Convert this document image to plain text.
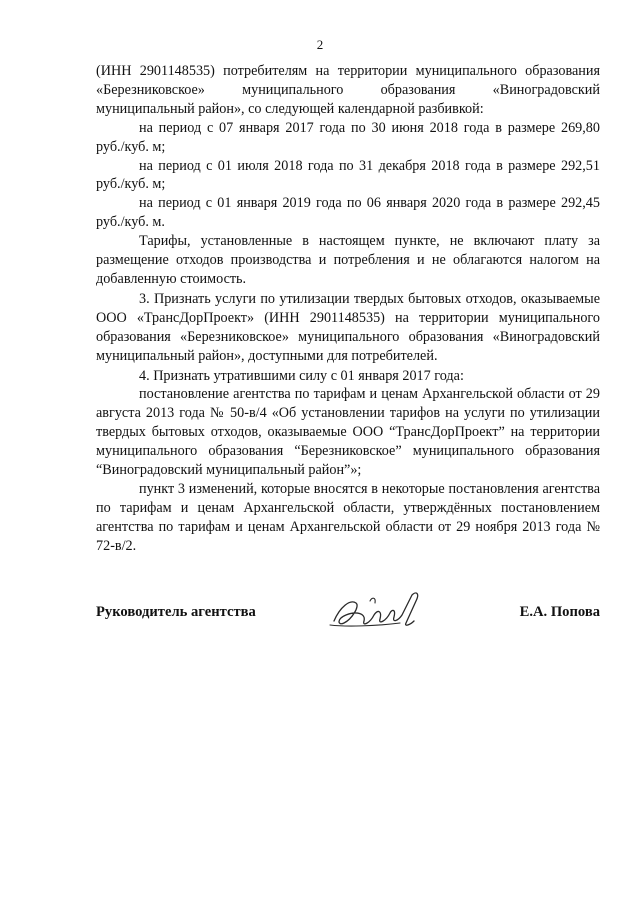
2

(ИНН 2901148535) потребителям на территории муниципального образования «Березниковское» муниципального образования «Виноградовский муниципальный район», со следующей календарной разбивкой:

на период с 07 января 2017 года по 30 июня 2018 года в размере 269,80 руб./куб. м;

на период с 01 июля 2018 года по 31 декабря 2018 года в размере 292,51 руб./куб. м;

на период с 01 января 2019 года по 06 января 2020 года в размере 292,45 руб./куб. м.

Тарифы, установленные в настоящем пункте, не включают плату за размещение отходов производства и потребления и не облагаются налогом на добавленную стоимость.

3. Признать услуги по утилизации твердых бытовых отходов, оказываемые ООО «ТрансДорПроект» (ИНН 2901148535) на территории муниципального образования «Березниковское» муниципального образования «Виноградовский муниципальный район», доступными для потребителей.

4. Признать утратившими силу с 01 января 2017 года:

постановление агентства по тарифам и ценам Архангельской области от 29 августа 2013 года № 50-в/4 «Об установлении тарифов на услуги по утилизации твердых бытовых отходов, оказываемые ООО “ТрансДорПроект” на территории муниципального образования “Березниковское” муниципального образования “Виноградовский муниципальный район”»;

пункт 3 изменений, которые вносятся в некоторые постановления агентства по тарифам и ценам Архангельской области, утверждённых постановлением агентства по тарифам и ценам Архангельской области от 29 ноября 2013 года № 72-в/2.

Руководитель агентства	Е.А. Попова
